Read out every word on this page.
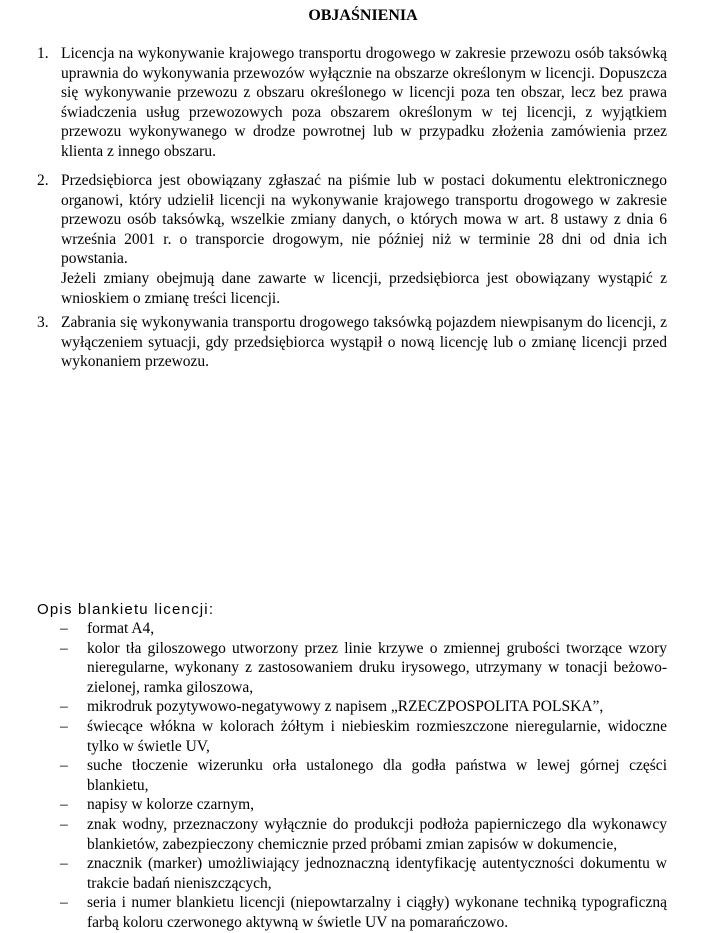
OBJAŚNIENIA
1. Licencja na wykonywanie krajowego transportu drogowego w zakresie przewozu osób taksówką uprawnia do wykonywania przewozów wyłącznie na obszarze określonym w licencji. Dopuszcza się wykonywanie przewozu z obszaru określonego w licencji poza ten obszar, lecz bez prawa świadczenia usług przewozowych poza obszarem określonym w tej licencji, z wyjątkiem przewozu wykonywanego w drodze powrotnej lub w przypadku złożenia zamówienia przez klienta z innego obszaru.

2. Przedsiębiorca jest obowiązany zgłaszać na piśmie lub w postaci dokumentu elektronicznego organowi, który udzielił licencji na wykonywanie krajowego transportu drogowego w zakresie przewozu osób taksówką, wszelkie zmiany danych, o których mowa w art. 8 ustawy z dnia 6 września 2001 r. o transporcie drogowym, nie później niż w terminie 28 dni od dnia ich powstania.

Jeżeli zmiany obejmują dane zawarte w licencji, przedsiębiorca jest obowiązany wystąpić z wnioskiem o zmianę treści licencji.

3. Zabrania się wykonywania transportu drogowego taksówką pojazdem niewpisanym do licencji, z wyłączeniem sytuacji, gdy przedsiębiorca wystąpił o nową licencję lub o zmianę licencji przed wykonaniem przewozu.

Opis blankietu licencji:
– format A4,
– kolor tła giloszowego utworzony przez linie krzywe o zmiennej grubości tworzące wzory nieregularne, wykonany z zastosowaniem druku irysowego, utrzymany w tonacji beżowo-zielonej, ramka giloszowa,
– mikrodruk pozytywowo-negatywowy z napisem „RZECZPOSPOLITA POLSKA”,
– świecące włókna w kolorach żółtym i niebieskim rozmieszczone nieregularnie, widoczne tylko w świetle UV,
– suche tłoczenie wizerunku orła ustalonego dla godła państwa w lewej górnej części blankietu,
– napisy w kolorze czarnym,
– znak wodny, przeznaczony wyłącznie do produkcji podłoża papierniczego dla wykonawcy blankietów, zabezpieczony chemicznie przed próbami zmian zapisów w dokumencie,
– znacznik (marker) umożliwiający jednoznaczną identyfikację autentyczności dokumentu w trakcie badań nieniszczących,
– seria i numer blankietu licencji (niepowtarzalny i ciągły) wykonane techniką typograficzną farbą koloru czerwonego aktywną w świetle UV na pomarańczowo.
